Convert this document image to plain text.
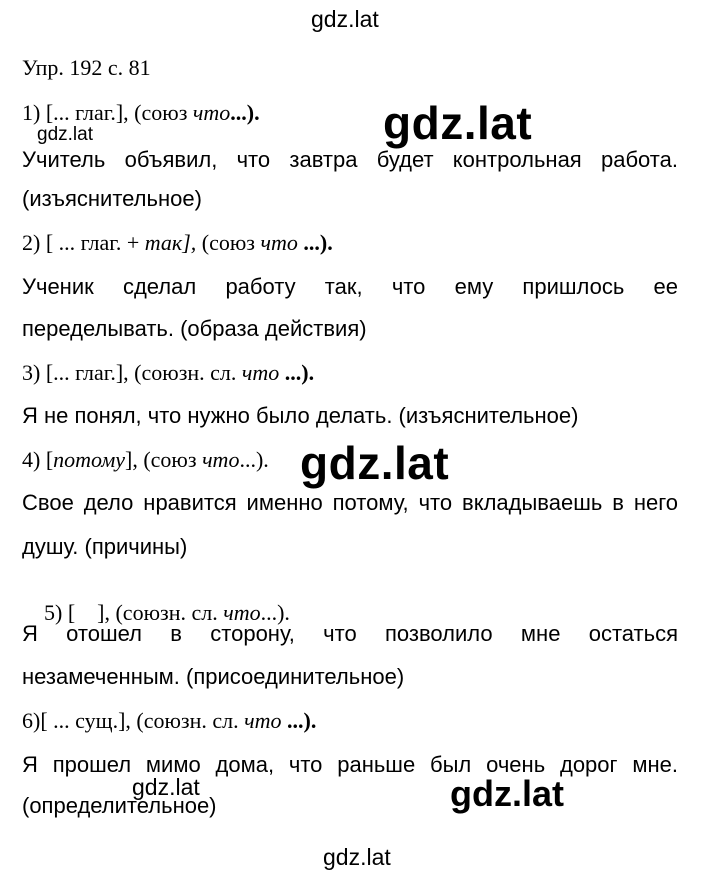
gdz.lat
gdz.lat	gdz.lat
gdz.lat
gdz.lat	gdz.lat
gdz.lat
Упр. 192 с. 81
1) [... глаг.], (союз что...).
Учитель объявил, что завтра будет контрольная работа.
(изъяснительное)
2) [ ... глаг. + так], (союз что ...).
Ученик сделал работу так, что ему пришлось ее
переделывать. (образа действия)
3) [... глаг.], (союзн. сл. что ...).
Я не понял, что нужно было делать. (изъяснительное)
4) [потому], (союз что...).
Свое дело нравится именно потому, что вкладываешь в него
душу. (причины)

5) [    ], (союзн. сл. что...).

Я отошел в сторону, что позволило мне остаться
незамеченным. (присоединительное)
6)[ ... сущ.], (союзн. сл. что ...).
Я прошел мимо дома, что раньше был очень дорог мне.
(определительное)
